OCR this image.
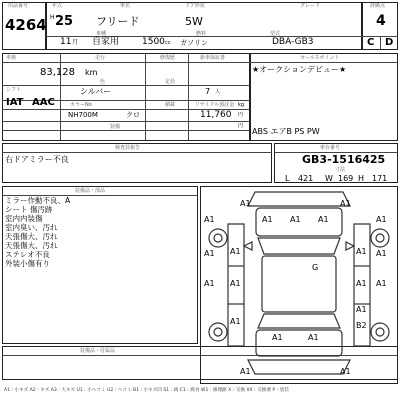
出品番号
4264
年式	車名	ドア形状	グレード
H 25 フリード	5W
11 月
車種
自家用	1500 cc
燃料
ガソリン
型式
DBA-GB3
評価点
4
C D
車検	走行	修復歴	新車保証書
83,128 km
シフト
IAT AAC
色
シルバー
カラーNo
NH700M	クロ
装備
定員
7 人
積載	kg
リサイクル預託金
11,760 円
円
セールスポイント
★オークションデビュー★
ABS エアB PS PW
検査員報告
右ドアミラー不良
車台番号
GB3-1516425
寸法
L 421 W 169 H 171
装備品・部品
ミラー作動不良、A
シート 傷汚跡
室内内装傷
室内臭い、汚れ
天張傷大、汚れ
天張傷大、汚れ
ステレオ不良
外装小傷有り
装備品・付属品
A1 : 小キズ A2 : キズ A3 : 大キズ U1 : 小ヘコミ U2 : ヘコミ B1 : 小キズ凹 S1 : 錆 C1 : 腐食 W1 : 修理跡 X : 交換 XX : 交換要 P : 塗装
A1	A1
A1 A1 A1
A1	A1
A1	A1
A1	A1
A1	A1
A1	A1
A1
G
A1
B2
A1	A1
A1	A1
